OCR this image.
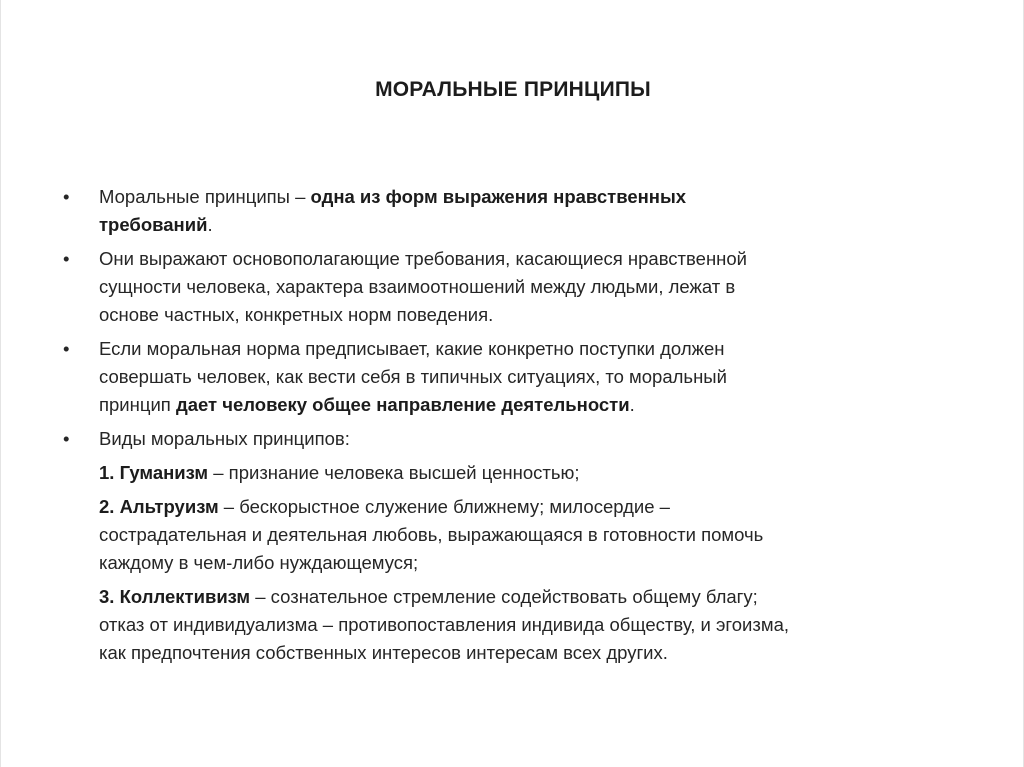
МОРАЛЬНЫЕ ПРИНЦИПЫ
•	Моральные принципы – одна из форм выражения нравственных
требований.
•	Они выражают основополагающие требования, касающиеся нравственной
сущности человека, характера взаимоотношений между людьми, лежат в
основе частных, конкретных норм поведения.
•	Если моральная норма предписывает, какие конкретно поступки должен
совершать человек, как вести себя в типичных ситуациях, то моральный
принцип дает человеку общее направление деятельности.
•	Виды моральных принципов:
1. Гуманизм – признание человека высшей ценностью;
2. Альтруизм – бескорыстное служение ближнему; милосердие –
сострадательная и деятельная любовь, выражающаяся в готовности помочь
каждому в чем-либо нуждающемуся;
3. Коллективизм – сознательное стремление содействовать общему благу;
отказ от индивидуализма – противопоставления индивида обществу, и эгоизма,
как предпочтения собственных интересов интересам всех других.
